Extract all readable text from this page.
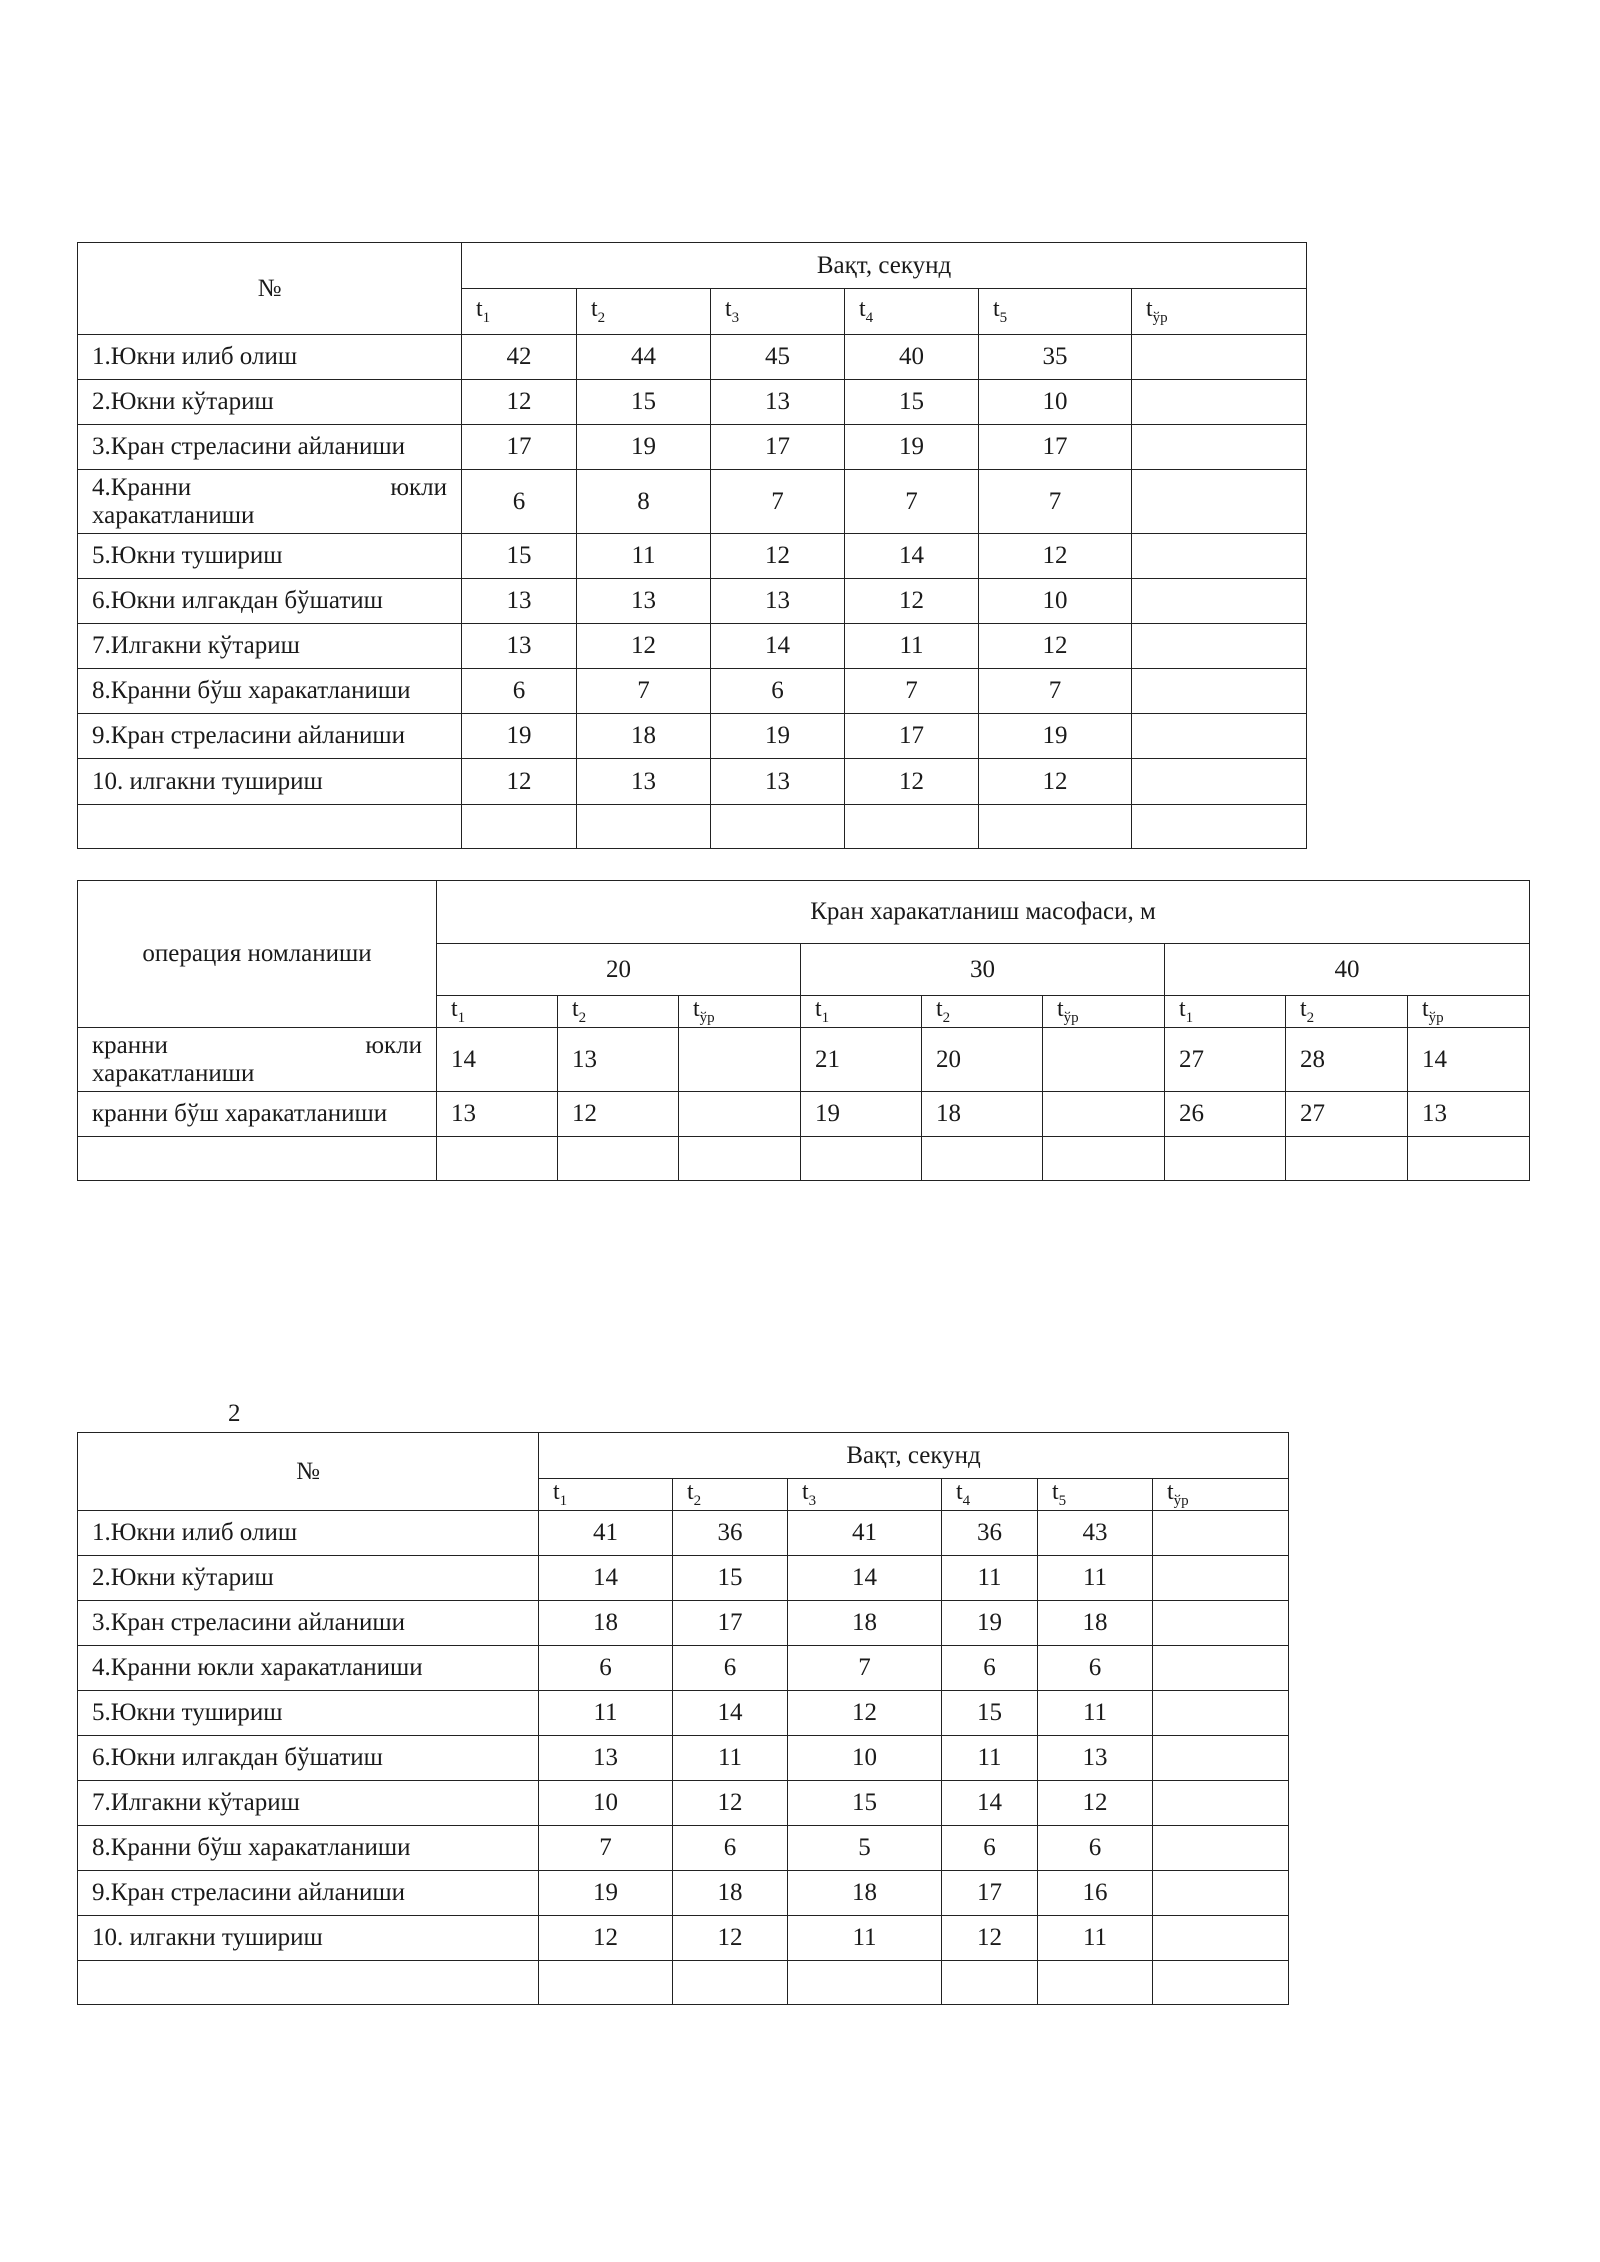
№	Вақт, секунд					
	$t_1$	$t_2$	$t_3$	$t_4$	$t_5$	$t_{ўр}$
1.Юкни илиб олиш	42	44	45	40	35	
2.Юкни кўтариш	12	15	13	15	10	
3.Кран стреласини айланиши	17	19	17	19	17	

4.Кранни юкли
харакатланиши	6	8	7	7	7	
5.Юкни тушириш	15	11	12	14	12	
6.Юкни илгакдан бўшатиш	13	13	13	12	10	
7.Илгакни кўтариш	13	12	14	11	12	
8.Кранни бўш харакатланиши	6	7	6	7	7	
9.Кран стреласини айланиши	19	18	19	17	19	
10. илгакни тушириш	12	13	13	12	12	

операция номланиши	Кран харакатланиш масофаси, м								
	20			30			40		
	$t_1$	$t_2$	$t_{ўр}$	$t_1$	$t_2$	$t_{ўр}$	$t_1$	$t_2$	$t_{ўр}$

кранни юкли
харакатланиши	14	13		21	20		27	28	14
кранни бўш харакатланиши	13	12		19	18		26	27	13

2
№	Вақт, секунд					
	$t_1$	$t_2$	$t_3$	$t_4$	$t_5$	$t_{ўр}$
1.Юкни илиб олиш	41	36	41	36	43	
2.Юкни кўтариш	14	15	14	11	11	
3.Кран стреласини айланиши	18	17	18	19	18	
4.Кранни юкли харакатланиши	6	6	7	6	6	
5.Юкни тушириш	11	14	12	15	11	
6.Юкни илгакдан бўшатиш	13	11	10	11	13	
7.Илгакни кўтариш	10	12	15	14	12	
8.Кранни бўш харакатланиши	7	6	5	6	6	
9.Кран стреласини айланиши	19	18	18	17	16	
10. илгакни тушириш	12	12	11	12	11	
